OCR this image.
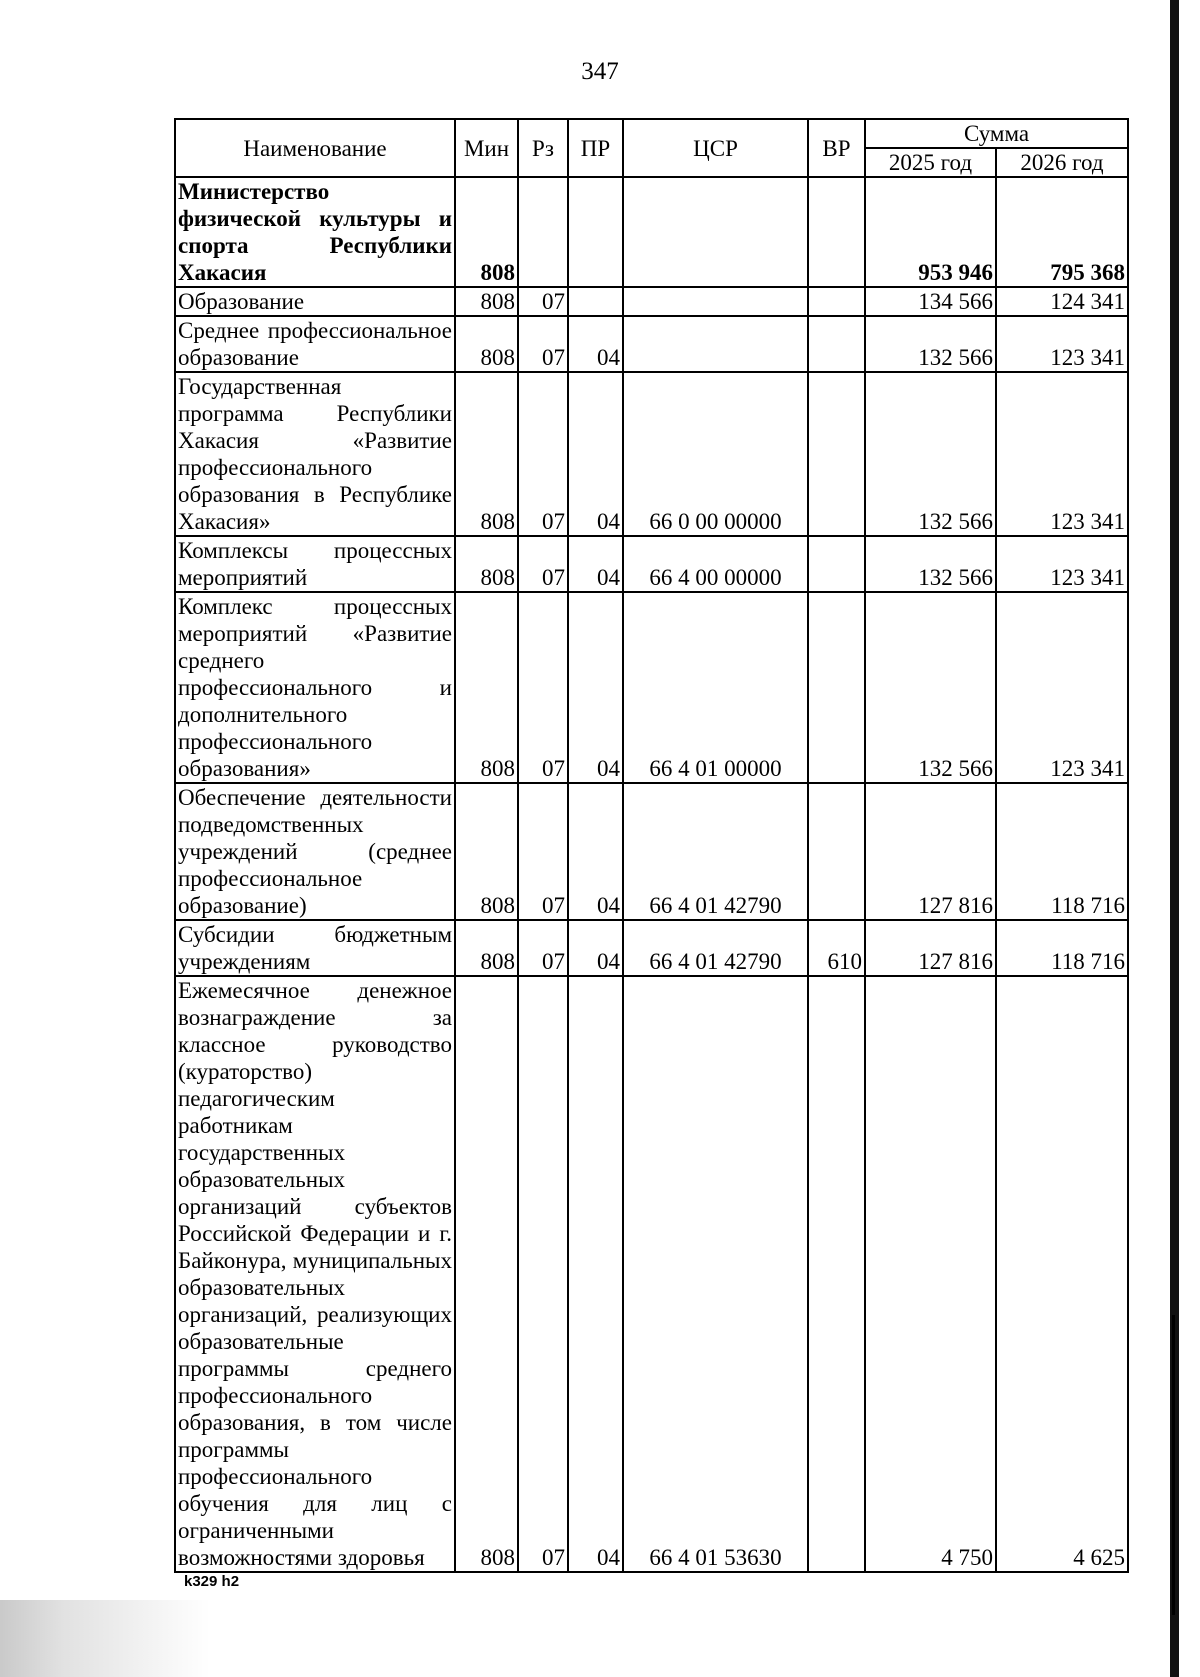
347
Наименование	Мин	Рз	ПР	ЦСР	ВР	Сумма	
						2025 год	2026 год
Министерство физической культуры и спорта Республики Хакасия	808					953 946	795 368
Образование	808	07				134 566	124 341
Среднее профессиональное образование	808	07	04			132 566	123 341
Государственная программа Республики Хакасия «Развитие профессионального образования в Республике Хакасия»	808	07	04	66 0 00 00000		132 566	123 341
Комплексы процессных мероприятий	808	07	04	66 4 00 00000		132 566	123 341
Комплекс процессных мероприятий «Развитие среднего профессионального и дополнительного профессионального образования»	808	07	04	66 4 01 00000		132 566	123 341
Обеспечение деятельности подведомственных учреждений (среднее профессиональное образование)	808	07	04	66 4 01 42790		127 816	118 716
Субсидии бюджетным учреждениям	808	07	04	66 4 01 42790	610	127 816	118 716
Ежемесячное денежное вознаграждение за классное руководство (кураторство) педагогическим работникам государственных образовательных организаций субъектов Российской Федерации и г. Байконура, муниципальных образовательных организаций, реализующих образовательные программы среднего профессионального образования, в том числе программы профессионального обучения для лиц с ограниченными возможностями здоровья	808	07	04	66 4 01 53630		4 750	4 625
k329 h2
